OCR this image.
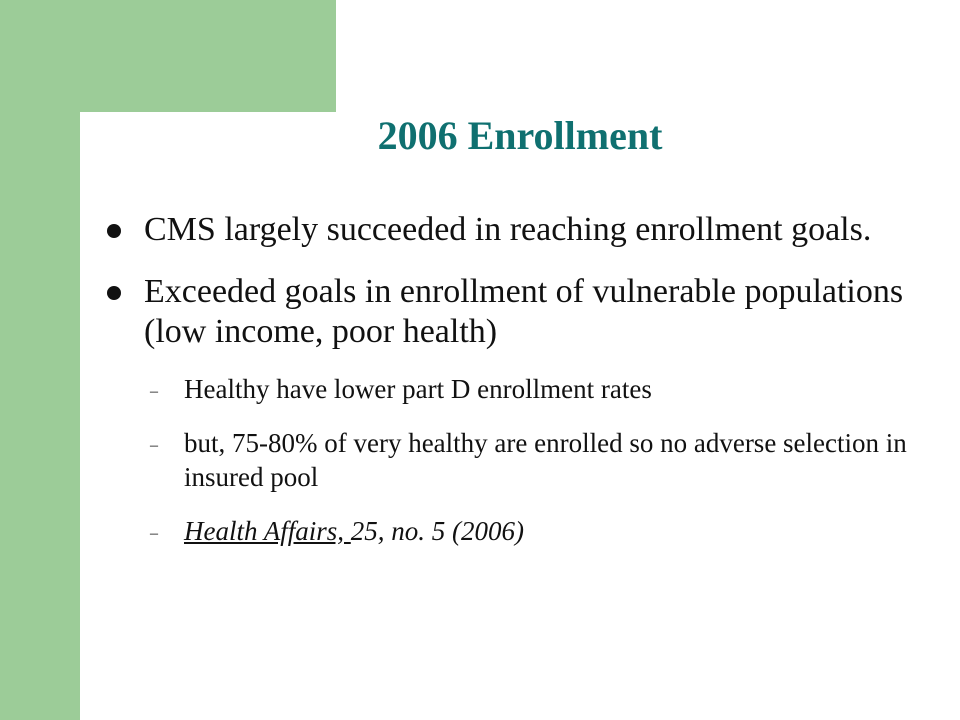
2006 Enrollment
CMS largely succeeded in reaching enrollment goals.
Exceeded goals in enrollment of vulnerable populations (low income, poor health)
– Healthy have lower part D enrollment rates
– but, 75-80% of very healthy are enrolled so no adverse selection in insured pool
– Health Affairs, 25, no. 5 (2006)
